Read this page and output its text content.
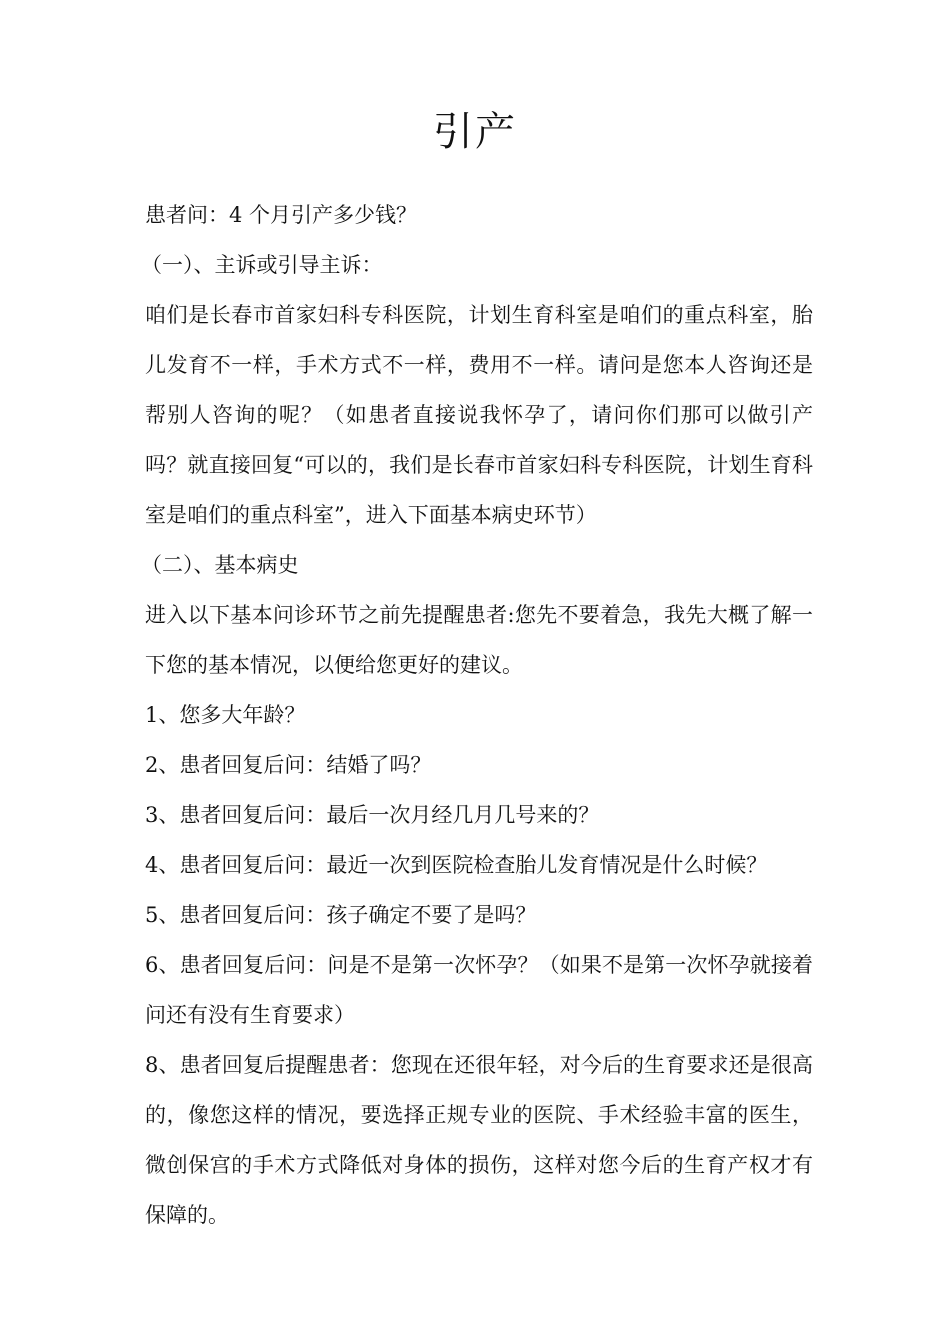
引产

患者问：4 个月引产多少钱？

（一）、主诉或引导主诉：

咱们是长春市首家妇科专科医院，计划生育科室是咱们的重点科室，胎儿发育不一样，手术方式不一样，费用不一样。请问是您本人咨询还是帮别人咨询的呢？（如患者直接说我怀孕了，请问你们那可以做引产吗？就直接回复“可以的，我们是长春市首家妇科专科医院，计划生育科室是咱们的重点科室”，进入下面基本病史环节）

（二）、基本病史

进入以下基本问诊环节之前先提醒患者:您先不要着急，我先大概了解一下您的基本情况，以便给您更好的建议。

1、您多大年龄？

2、患者回复后问：结婚了吗？

3、患者回复后问：最后一次月经几月几号来的？

4、患者回复后问：最近一次到医院检查胎儿发育情况是什么时候？

5、患者回复后问：孩子确定不要了是吗？

6、患者回复后问：问是不是第一次怀孕？（如果不是第一次怀孕就接着问还有没有生育要求）

8、患者回复后提醒患者：您现在还很年轻，对今后的生育要求还是很高的，像您这样的情况，要选择正规专业的医院、手术经验丰富的医生，微创保宫的手术方式降低对身体的损伤，这样对您今后的生育产权才有保障的。
